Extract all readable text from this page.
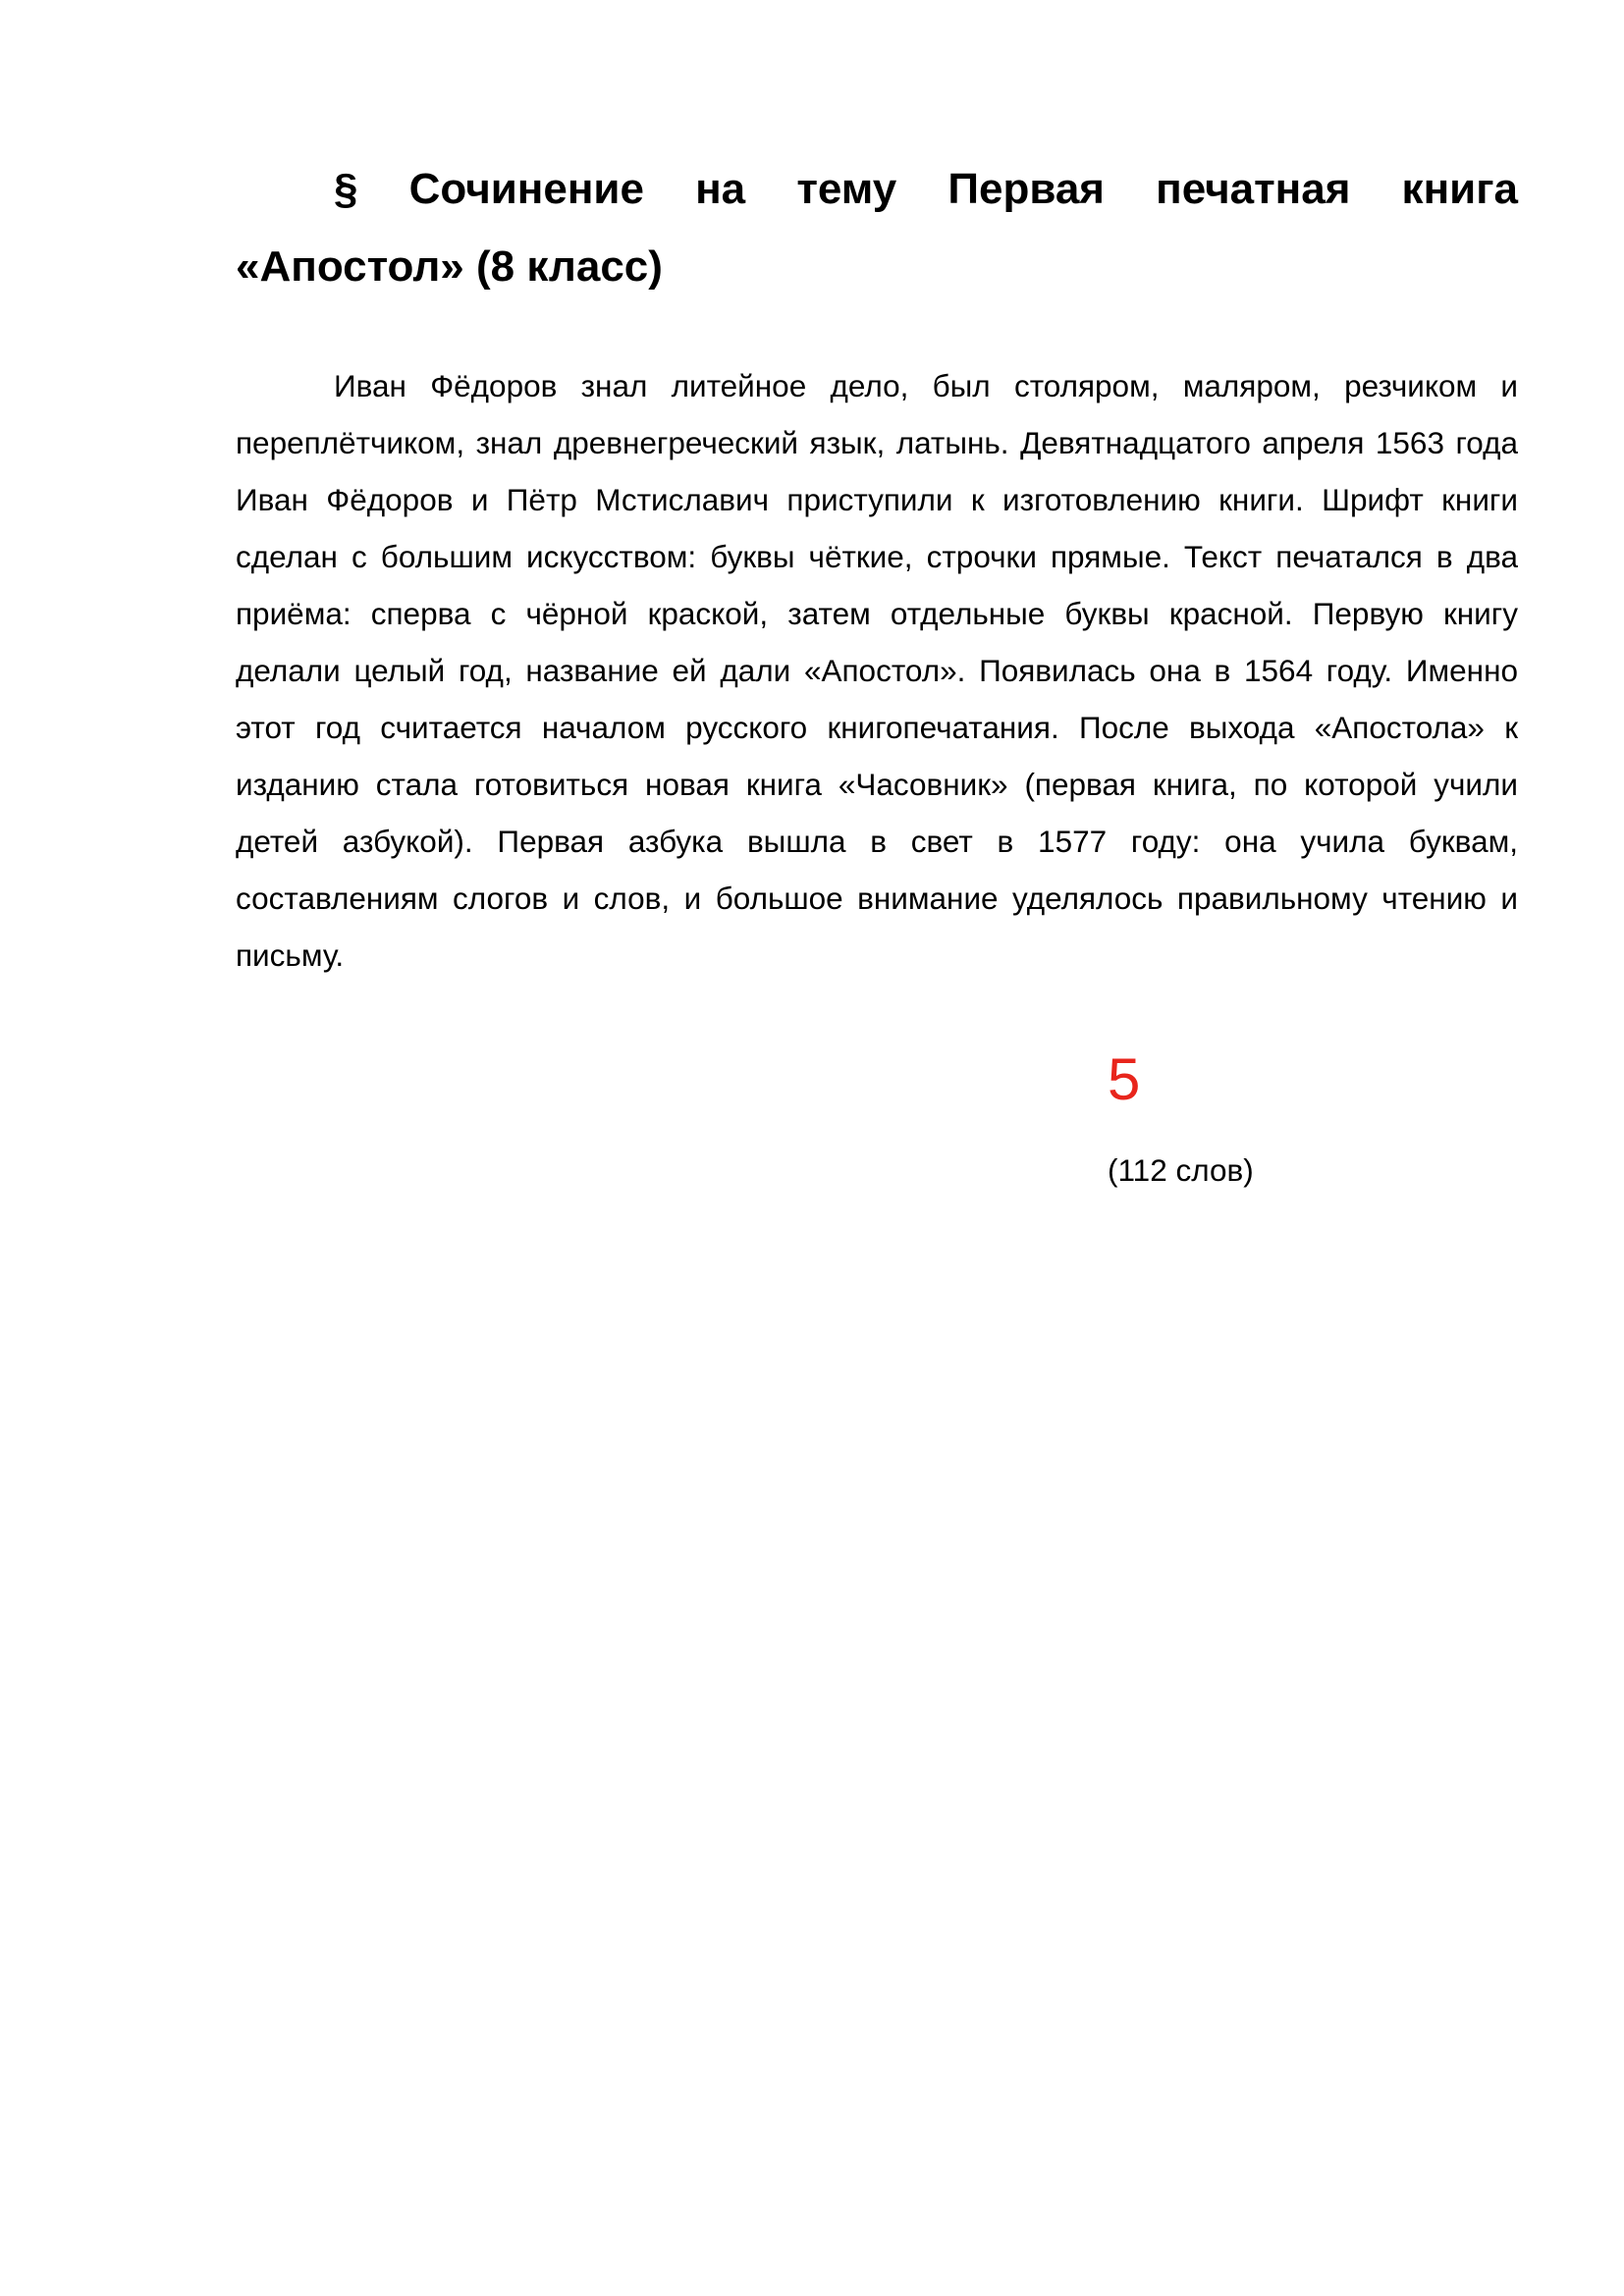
§ Сочинение на тему Первая печатная книга «Апостол» (8 класс)

Иван Фёдоров знал литейное дело, был столяром, маляром, резчиком и переплётчиком, знал древнегреческий язык, латынь. Девятнадцатого апреля 1563 года Иван Фёдоров и Пётр Мстиславич приступили к изготовлению книги. Шрифт книги сделан с большим искусством: буквы чёткие, строчки прямые. Текст печатался в два приёма: сперва с чёрной краской, затем отдельные буквы красной. Первую книгу делали целый год, название ей дали «Апостол». Появилась она в 1564 году. Именно этот год считается началом русского книгопечатания. После выхода «Апостола» к изданию стала готовиться новая книга «Часовник» (первая книга, по которой учили детей азбукой). Первая азбука вышла в свет в 1577 году: она учила буквам, составлениям слогов и слов, и большое внимание уделялось правильному чтению и письму.

5
(112 слов)
